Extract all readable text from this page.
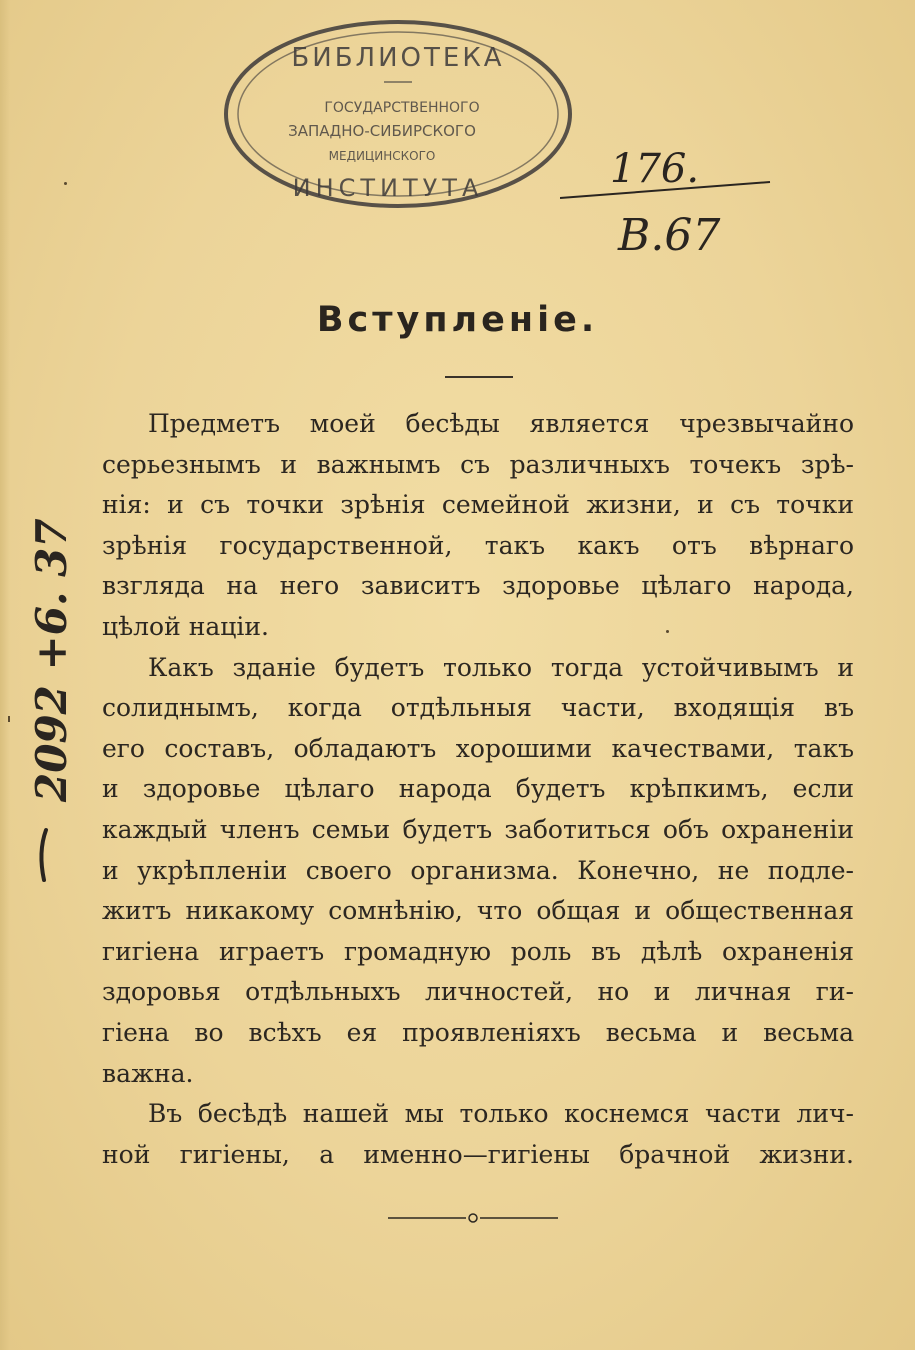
БИБЛИОТЕКА
ГОСУДАРСТВЕННОГО
ЗАПАДНО-СИБИРСКОГО
МЕДИЦИНСКОГО
ИНСТИТУТА	176.
В.67
2092 +6. 37
Вступленіе.
Предметъ моей бесѣды является чрезвычайно
серьезнымъ и важнымъ съ различныхъ точекъ зрѣ-
нія: и съ точки зрѣнія семейной жизни, и съ точки
зрѣнія государственной, такъ какъ отъ вѣрнаго
взгляда на него зависитъ здоровье цѣлаго народа,
цѣлой націи.
Какъ зданіе будетъ только тогда устойчивымъ и
солиднымъ, когда отдѣльныя части, входящія въ
его составъ, обладаютъ хорошими качествами, такъ
и здоровье цѣлаго народа будетъ крѣпкимъ, если
каждый членъ семьи будетъ заботиться объ охраненіи
и укрѣпленіи своего организма. Конечно, не подле-
житъ никакому сомнѣнію, что общая и общественная
гигіена играетъ громадную роль въ дѣлѣ охраненія
здоровья отдѣльныхъ личностей, но и личная ги-
гіена во всѣхъ ея проявленіяхъ весьма и весьма
важна.
Въ бесѣдѣ нашей мы только коснемся части лич-
ной гигіены, а именно—гигіены брачной жизни.
